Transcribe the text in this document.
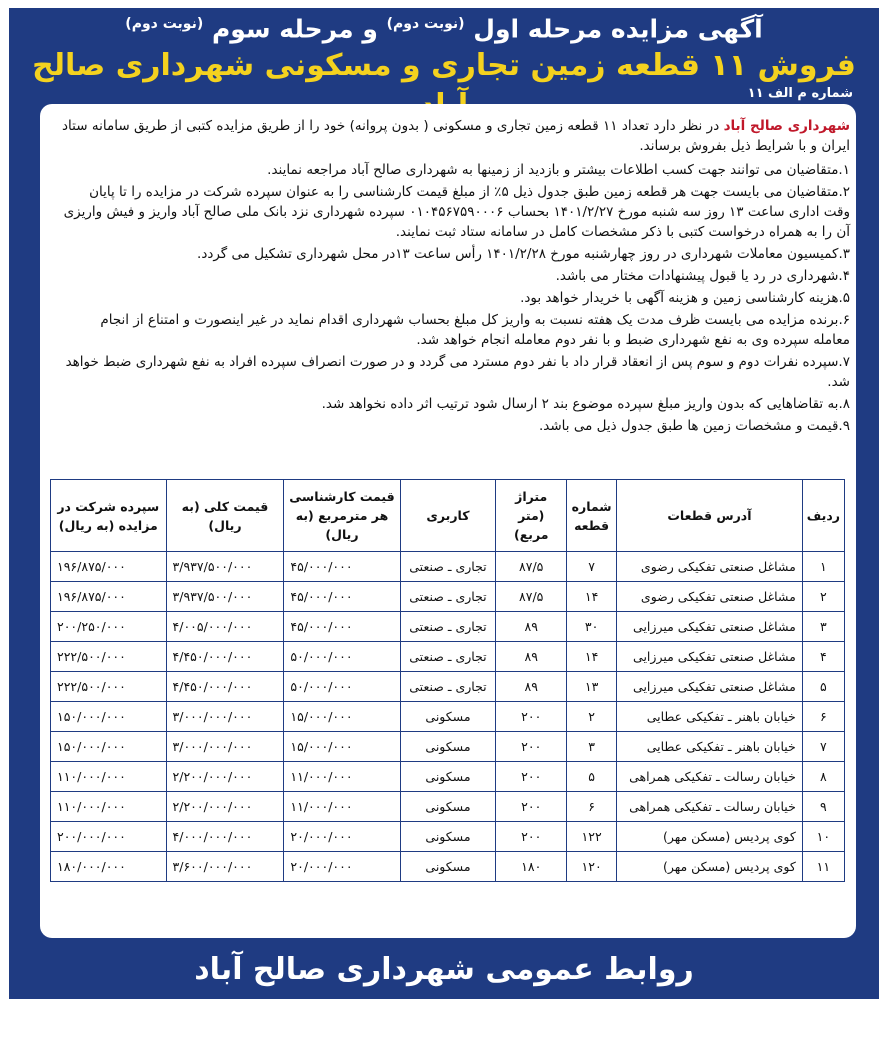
آگهی مزایده مرحله اول $^{(نوبت دوم)}$ و مرحله سوم $^{(نوبت دوم)}$
فروش ۱۱ قطعه زمین تجاری و مسکونی شهرداری صالح
شماره م الف ۱۱
شهرداری صالح آباد در نظر دارد تعداد ۱۱ قطعه زمین تجاری و مسکونی ( بدون پروانه) خود را از طریق مزایده کتبی از طریق سامانه ستاد ایران و با شرایط ذیل بفروش برساند.

۱.متقاضیان می توانند جهت کسب اطلاعات بیشتر و بازدید از زمینها به شهرداری صالح آباد مراجعه نمایند.

۲.متقاضیان می بایست جهت هر قطعه زمین طبق جدول ذیل ۵٪ از مبلغ قیمت کارشناسی را به عنوان سپرده شرکت در مزایده را تا پایان وقت اداری ساعت ۱۳ روز سه شنبه مورخ ۱۴۰۱/۲/۲۷ بحساب ۰۱۰۴۵۶۷۵۹۰۰۰۶ سپرده شهرداری نزد بانک ملی صالح آباد واریز و فیش واریزی آن را به همراه درخواست کتبی با ذکر مشخصات کامل در سامانه ستاد ثبت نمایند.

۳.کمیسیون معاملات شهرداری در روز چهارشنبه مورخ ۱۴۰۱/۲/۲۸ رأس ساعت ۱۳در محل شهرداری تشکیل می گردد.

۴.شهرداری در رد یا قبول پیشنهادات مختار می باشد.

۵.هزینه کارشناسی زمین و هزینه آگهی با خریدار خواهد بود.

۶.برنده مزایده می بایست ظرف مدت یک هفته نسبت به واریز کل مبلغ بحساب شهرداری اقدام نماید در غیر اینصورت و امتناع از انجام معامله سپرده وی به نفع شهرداری ضبط و با نفر دوم معامله انجام خواهد شد.

۷.سپرده نفرات دوم و سوم پس از انعقاد قرار داد با نفر دوم مسترد می گردد و در صورت انصراف سپرده افراد به نفع شهرداری ضبط خواهد شد.

۸.به تقاضاهایی که بدون واریز مبلغ سپرده موضوع بند ۲ ارسال شود ترتیب اثر داده نخواهد شد.

۹.قیمت و مشخصات زمین ها طبق جدول ذیل می باشد.

ردیف	آدرس قطعات	شماره قطعه	متراژ (متر مربع)	کاربری	قیمت کارشناسی هر مترمربع (به ریال)	قیمت کلی (به ریال)	سپرده شرکت در مزایده (به ریال)
۱	مشاغل صنعتی تفکیکی رضوی	۷	۸۷/۵	تجاری ـ صنعتی	۴۵/۰۰۰/۰۰۰	۳/۹۳۷/۵۰۰/۰۰۰	۱۹۶/۸۷۵/۰۰۰
۲	مشاغل صنعتی تفکیکی رضوی	۱۴	۸۷/۵	تجاری ـ صنعتی	۴۵/۰۰۰/۰۰۰	۳/۹۳۷/۵۰۰/۰۰۰	۱۹۶/۸۷۵/۰۰۰
۳	مشاغل صنعتی تفکیکی میرزایی	۳۰	۸۹	تجاری ـ صنعتی	۴۵/۰۰۰/۰۰۰	۴/۰۰۵/۰۰۰/۰۰۰	۲۰۰/۲۵۰/۰۰۰
۴	مشاغل صنعتی تفکیکی میرزایی	۱۴	۸۹	تجاری ـ صنعتی	۵۰/۰۰۰/۰۰۰	۴/۴۵۰/۰۰۰/۰۰۰	۲۲۲/۵۰۰/۰۰۰
۵	مشاغل صنعتی تفکیکی میرزایی	۱۳	۸۹	تجاری ـ صنعتی	۵۰/۰۰۰/۰۰۰	۴/۴۵۰/۰۰۰/۰۰۰	۲۲۲/۵۰۰/۰۰۰
۶	خیابان باهنر ـ تفکیکی عطایی	۲	۲۰۰	مسکونی	۱۵/۰۰۰/۰۰۰	۳/۰۰۰/۰۰۰/۰۰۰	۱۵۰/۰۰۰/۰۰۰
۷	خیابان باهنر ـ تفکیکی عطایی	۳	۲۰۰	مسکونی	۱۵/۰۰۰/۰۰۰	۳/۰۰۰/۰۰۰/۰۰۰	۱۵۰/۰۰۰/۰۰۰
۸	خیابان رسالت ـ تفکیکی همراهی	۵	۲۰۰	مسکونی	۱۱/۰۰۰/۰۰۰	۲/۲۰۰/۰۰۰/۰۰۰	۱۱۰/۰۰۰/۰۰۰
۹	خیابان رسالت ـ تفکیکی همراهی	۶	۲۰۰	مسکونی	۱۱/۰۰۰/۰۰۰	۲/۲۰۰/۰۰۰/۰۰۰	۱۱۰/۰۰۰/۰۰۰
۱۰	کوی پردیس (مسکن مهر)	۱۲۲	۲۰۰	مسکونی	۲۰/۰۰۰/۰۰۰	۴/۰۰۰/۰۰۰/۰۰۰	۲۰۰/۰۰۰/۰۰۰
۱۱	کوی پردیس (مسکن مهر)	۱۲۰	۱۸۰	مسکونی	۲۰/۰۰۰/۰۰۰	۳/۶۰۰/۰۰۰/۰۰۰	۱۸۰/۰۰۰/۰۰۰
روابط عمومی شهرداری صالح آباد
